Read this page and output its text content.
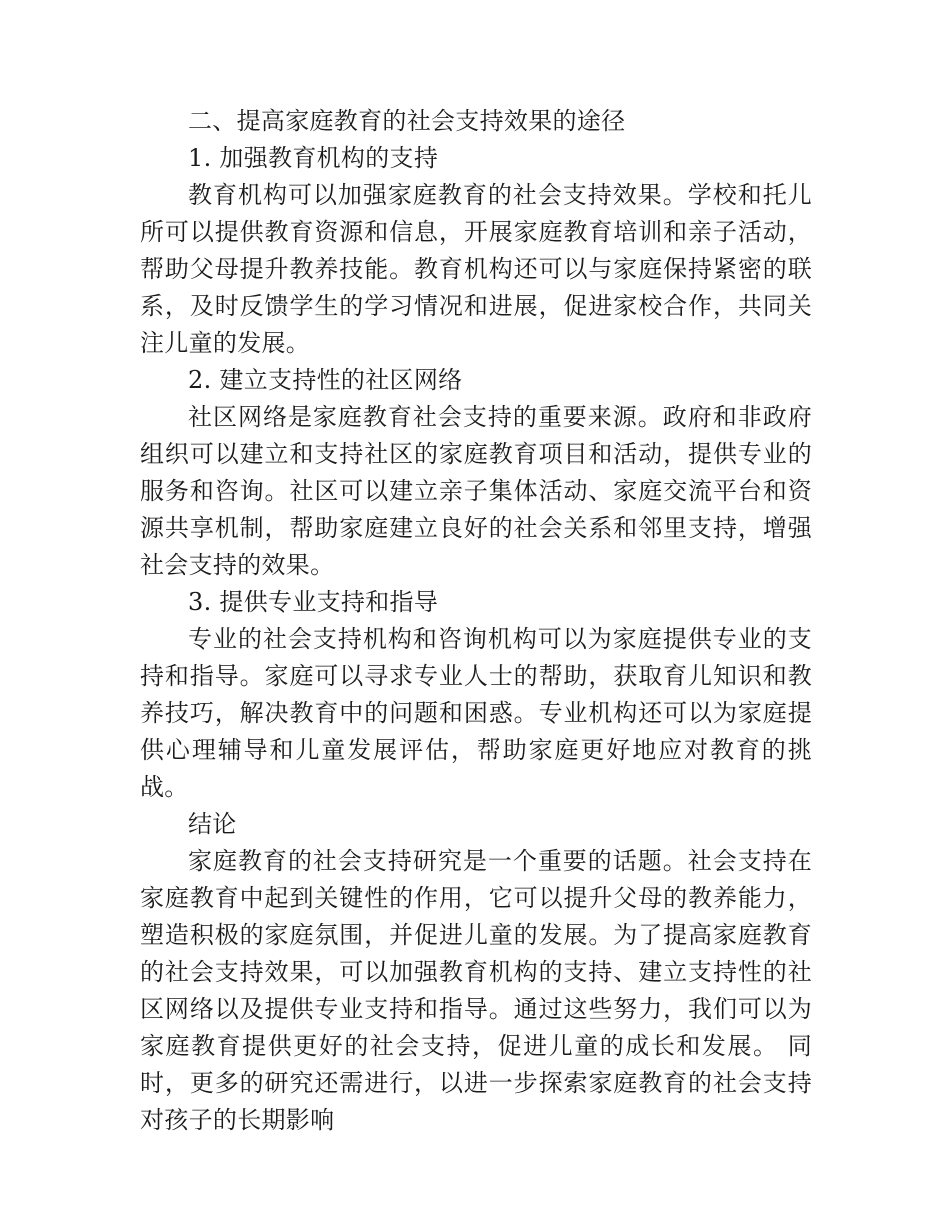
二、提高家庭教育的社会支持效果的途径

1. 加强教育机构的支持

教育机构可以加强家庭教育的社会支持效果。学校和托儿所可以提供教育资源和信息，开展家庭教育培训和亲子活动，帮助父母提升教养技能。教育机构还可以与家庭保持紧密的联系，及时反馈学生的学习情况和进展，促进家校合作，共同关注儿童的发展。

2. 建立支持性的社区网络

社区网络是家庭教育社会支持的重要来源。政府和非政府组织可以建立和支持社区的家庭教育项目和活动，提供专业的服务和咨询。社区可以建立亲子集体活动、家庭交流平台和资源共享机制，帮助家庭建立良好的社会关系和邻里支持，增强社会支持的效果。

3. 提供专业支持和指导

专业的社会支持机构和咨询机构可以为家庭提供专业的支持和指导。家庭可以寻求专业人士的帮助，获取育儿知识和教养技巧，解决教育中的问题和困惑。专业机构还可以为家庭提供心理辅导和儿童发展评估，帮助家庭更好地应对教育的挑战。

结论

家庭教育的社会支持研究是一个重要的话题。社会支持在家庭教育中起到关键性的作用，它可以提升父母的教养能力，塑造积极的家庭氛围，并促进儿童的发展。为了提高家庭教育的社会支持效果，可以加强教育机构的支持、建立支持性的社区网络以及提供专业支持和指导。通过这些努力，我们可以为家庭教育提供更好的社会支持，促进儿童的成长和发展。 同时，更多的研究还需进行，以进一步探索家庭教育的社会支持对孩子的长期影响
